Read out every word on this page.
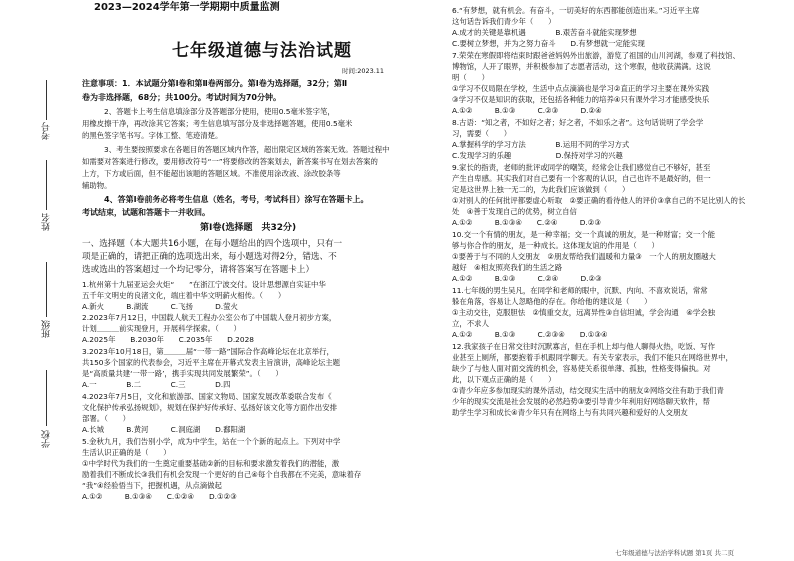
考号
姓名
班级
学校
2023—2024学年第一学期期中质量监测
七年级道德与法治试题
时间:2023.11
注意事项：1．本试题分第Ⅰ卷和第Ⅱ卷两部分。第Ⅰ卷为选择题，32分；第Ⅱ
卷为非选择题，68分；共100分。考试时间为70分钟。
2、答题卡上考生信息填涂部分及答题部分使用，使用0.5毫米签字笔，
用橡皮擦干净，再改涂其它答案；考生信息填写部分及非选择题答题，使用0.5毫米
的黑色签字笔书写。字体工整、笔迹清楚。
3、考生要按照要求在各题目的答题区域内作答，超出限定区域的答案无效。答题过程中
如需要对答案进行修改，要用修改符号“一”将要修改的答案划去，新答案书写在划去答案的
上方，下方或后面，但不能超出该题的答题区域。不准使用涂改液、涂改胶条等
辅助物。
4、答第Ⅰ卷前务必将考生信息（姓名，考号，考试科目）涂写在答题卡上。
考试结束，试题和答题卡一并收回。
第Ⅰ卷(选择题　共32分)
一、选择题（本大题共16小题，在每小题给出的四个选项中，只有一
项是正确的，请把正确的选项选出来，每小题选对得2分，错选、不
选或选出的答案超过一个均记零分，请将答案写在答题卡上）
1.杭州第十九届亚运会火炬“　　”在浙江宁波交付。设计思想源自实证中华
五千年文明史的良渚文化，端庄着中华文明薪火相传。（　　）
A.新火　　　B.湖流　　　C.飞扬　　　D.萤火
2.2023年7月12日，中国载人航天工程办公室公布了中国载人登月初步方案，
计划＿＿＿前实现登月，开展科学探索。（　　）
A.2025年　　B.2030年　　C.2035年　　D.2028
3.2023年10月18日，第＿＿＿届“一带一路”国际合作高峰论坛在北京举行，
共150多个国家的代表参会，习近平主席在开幕式发表主旨演讲，高峰论坛主题
是“高质量共建‘一带一路’，携手实现共同发展繁荣”。（　　）
A.一　　　　B.二　　　　C.三　　　　D.四
4.2023年7月5日，文化和旅游部、国家文物局、国家发展改革委联合发布《
文化保护传承弘扬规划》，规划在保护好传承好、弘扬好该文化等方面作出安排
部署。（　　）
A.长城　　　B.黄河　　　C.洞庭湖　　D.鄱阳湖
5.金秋九月，我们告别小学，成为中学生，站在一个个新的起点上。下列对中学
生活认识正确的是（　　）
①中学时代为我们的一生奠定重要基础②新的目标和要求激发着我们的潜能，激
励着我们不断成长③我们有机会发现一个更好的自己④每个自我都在不完美，意味着存
“我”④经验悟当下，把握机遇，从点滴做起
A.①②　　　B.①③④　　C.①②④　　D.①②③
6.“有梦想，就有机会。有奋斗，一切美好的东西都能创造出来。”习近平主席
这句话告诉我们青少年（　　）
A.成才的关键是靠机遇　　　　B.艰苦奋斗就能实现梦想
C.要树立梦想，并为之努力奋斗　　D.有梦想就一定能实现
7.荣荣在寒假即将结束时跟爸爸妈妈外出旅游，游览了祖国的山川河湖，参观了科技馆、
博物馆，人开了眼界，并积极参加了志愿者活动，这个寒假，他收获满满。这说
明（　　）
①学习不仅局限在学校，生活中点点滴滴也是学习②直正的学习主要在课外实践
③学习不仅是知识的获取，还包括各种能力的培养④只有课外学习才能感受快乐
A.①②　　　B.①③　　　C.②③　　　D.②④
8.古语：“知之者，不如好之者；好之者，不如乐之者”。这句话说明了学会学
习，需要（　　）
A.掌握科学的学习方法　　　　B.运用不同的学习方式
C.发现学习的乐趣　　　　　　D.保持对学习的兴趣
9.家长的指责，老师的批评或同学的嘲笑，经常会让我们感觉自己不够好，甚至
产生自卑感。其实我们对自己要有一个客观的认识，自己也许不是最好的，但一
定是这世界上独一无二的，为此我们应该做到（　　）
①对别人的任何批评都要虚心听取　②要正确的看待他人的评价③拿自己的不足比别人的长
处　④善于发现自己的优势，树立自信
A.①②　　　B.①③④　　C.②④　　　D.②③
10.交一个有情的朋友，是一种幸福；交一个真诚的朋友，是一种财富；交一个能
够与你合作的朋友，是一种成长。这体现友谊的作用是（　　）
①要善于与不同的人交朋友　②朋友帮给我们温暖和力量③　一个人的朋友圈越大
越好　④相友照亮我们的生活之路
A.①②　　　B.①③　　　C.②④　　　D.②③
11.七年级的男生吴凡，在同学和老师的眼中，沉默、内向、不喜欢说话，常常
躲在角落，容易让人忽略他的存在。你给他的建议是（　　）
①主动交往，克服胆怯　②慎重交友，远离异性③自信坦诚，学会沟通　④学会独
立，不求人
A.①②　　　B.①③　　　C.②③④　　D.①③④
12.我家孩子在日常交往时沉默寡言，但在手机上却与他人聊得火热，吃饭、写作
业甚至上厕所，都要抱着手机跟同学聊天。有关专家表示，我们不能只在网络世界中，
缺少了与他人面对面交流的机会，容易使关系很单薄、孤独，性格变得偏执。对
此，以下观点正确的是（　　）
①青少年应多参加现实的课外活动，结交现实生活中的朋友②网络交往有助于我们青
少年的现实交流是社会发展的必然趋势③要引导青少年利用好网络聊天软件，帮
助学生学习和成长④青少年只有在网络上与有共同兴趣和爱好的人交朋友
七年级道德与法治学科试题 第1页 共二页
